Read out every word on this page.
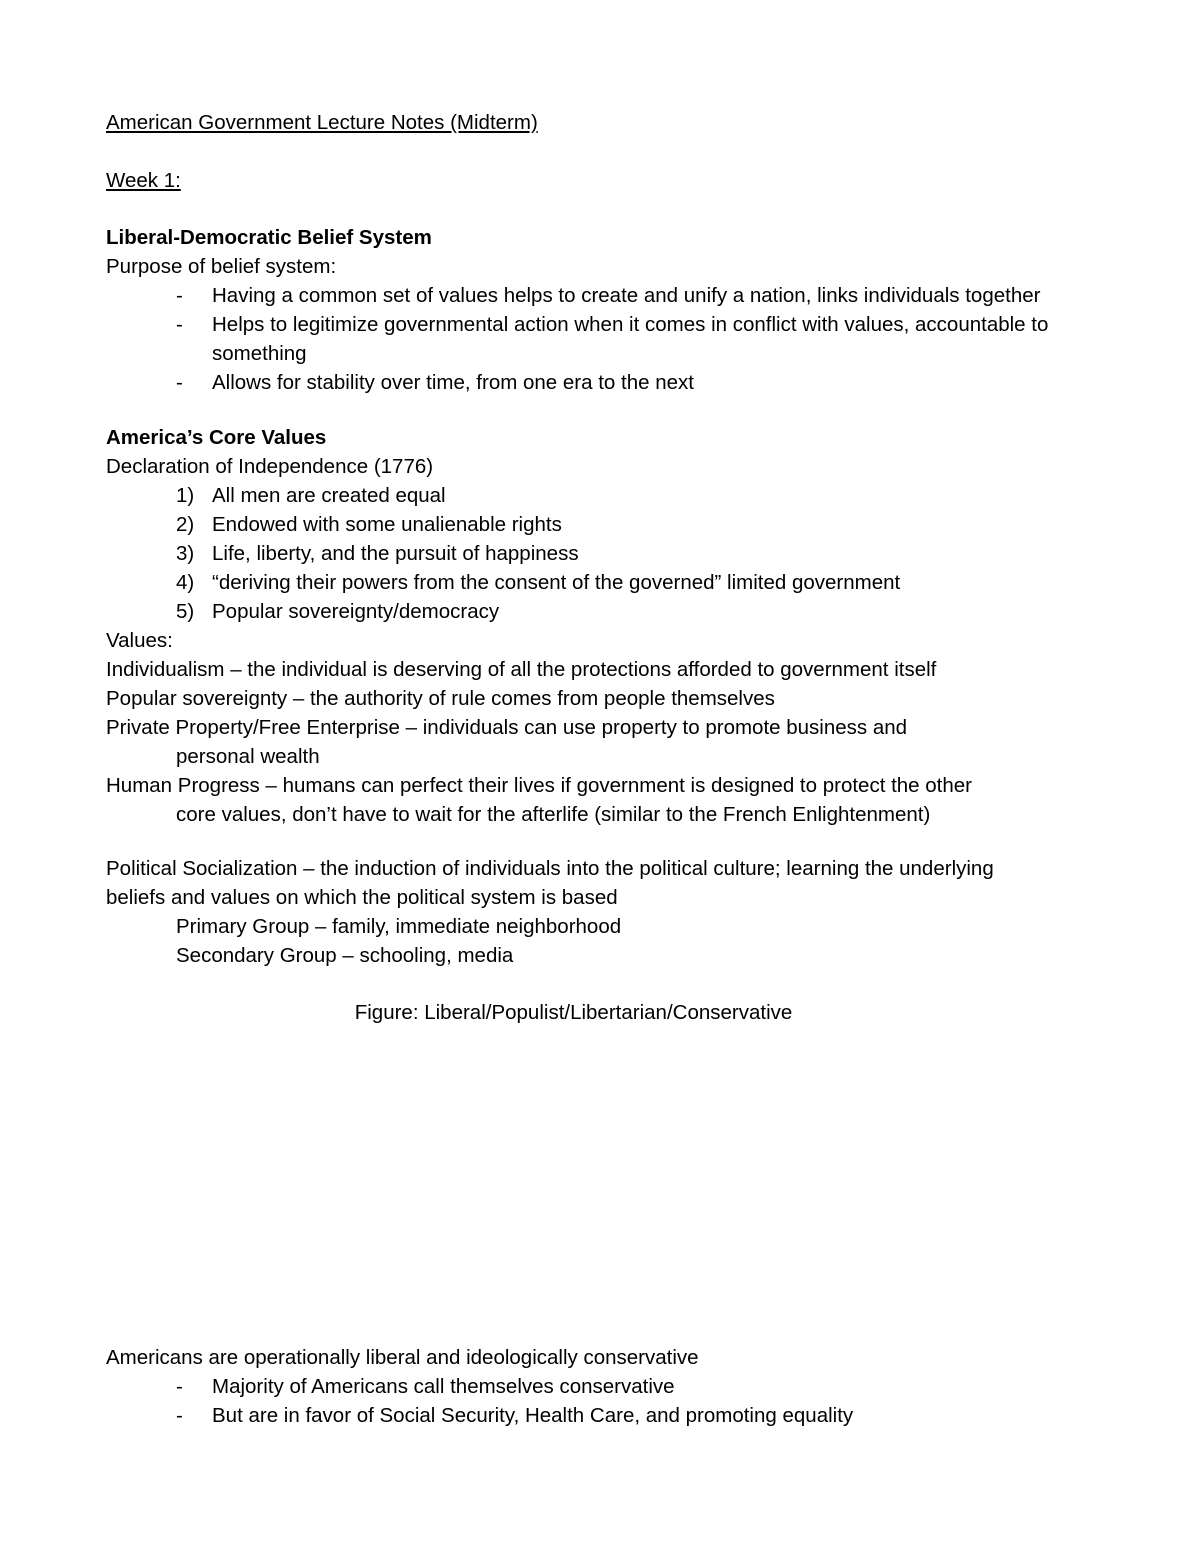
American Government Lecture Notes (Midterm)
Week 1:
Liberal-Democratic Belief System
Purpose of belief system:
- Having a common set of values helps to create and unify a nation, links individuals together
- Helps to legitimize governmental action when it comes in conflict with values, accountable to something
- Allows for stability over time, from one era to the next
America’s Core Values
Declaration of Independence (1776)
1) All men are created equal
2) Endowed with some unalienable rights
3) Life, liberty, and the pursuit of happiness
4) “deriving their powers from the consent of the governed” limited government
5) Popular sovereignty/democracy
Values:
Individualism – the individual is deserving of all the protections afforded to government itself
Popular sovereignty – the authority of rule comes from people themselves
Private Property/Free Enterprise – individuals can use property to promote business and
personal wealth
Human Progress – humans can perfect their lives if government is designed to protect the other
core values, don’t have to wait for the afterlife (similar to the French Enlightenment)
Political Socialization – the induction of individuals into the political culture; learning the underlying
beliefs and values on which the political system is based
Primary Group – family, immediate neighborhood
Secondary Group – schooling, media
Figure: Liberal/Populist/Libertarian/Conservative
Americans are operationally liberal and ideologically conservative
- Majority of Americans call themselves conservative
- But are in favor of Social Security, Health Care, and promoting equality
